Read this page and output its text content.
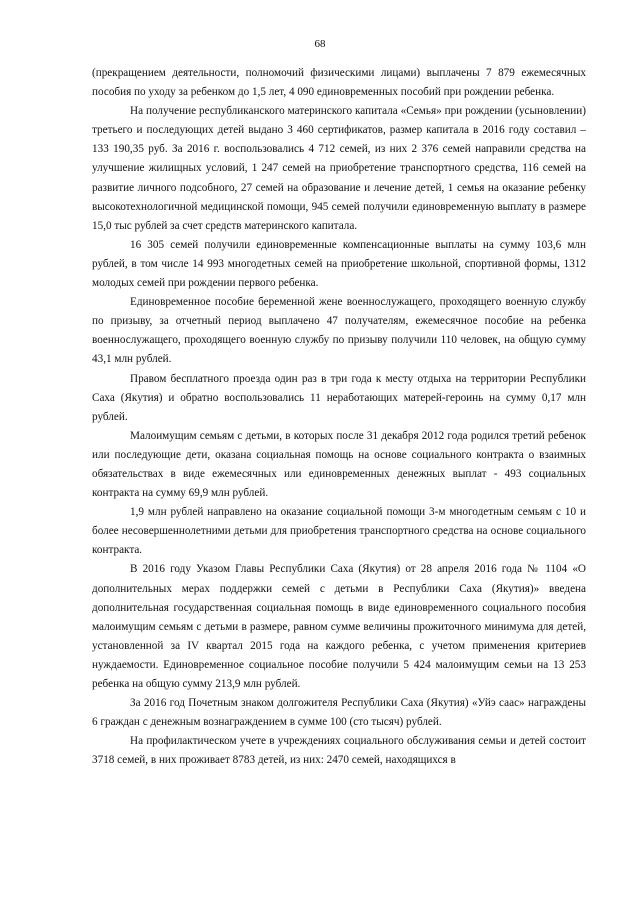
68

(прекращением деятельности, полномочий физическими лицами) выплачены 7 879 ежемесячных пособия по уходу за ребенком до 1,5 лет, 4 090 единовременных пособий при рождении ребенка.

На получение республиканского материнского капитала «Семья» при рождении (усыновлении) третьего и последующих детей выдано 3 460 сертификатов, размер капитала в 2016 году составил – 133 190,35 руб. За 2016 г. воспользовались 4 712 семей, из них 2 376 семей направили средства на улучшение жилищных условий, 1 247 семей на приобретение транспортного средства, 116 семей на развитие личного подсобного, 27 семей на образование и лечение детей, 1 семья на оказание ребенку высокотехнологичной медицинской помощи, 945 семей получили единовременную выплату в размере 15,0 тыс рублей за счет средств материнского капитала.

16 305 семей получили единовременные компенсационные выплаты на сумму 103,6 млн рублей, в том числе 14 993 многодетных семей на приобретение школьной, спортивной формы, 1312 молодых семей при рождении первого ребенка.

Единовременное пособие беременной жене военнослужащего, проходящего военную службу по призыву, за отчетный период выплачено 47 получателям, ежемесячное пособие на ребенка военнослужащего, проходящего военную службу по призыву получили 110 человек, на общую сумму 43,1 млн рублей.

Правом бесплатного проезда один раз в три года к месту отдыха на территории Республики Саха (Якутия) и обратно воспользовались 11 неработающих матерей-героинь на сумму 0,17 млн рублей.

Малоимущим семьям с детьми, в которых после 31 декабря 2012 года родился третий ребенок или последующие дети, оказана социальная помощь на основе социального контракта о взаимных обязательствах в виде ежемесячных или единовременных денежных выплат - 493 социальных контракта на сумму 69,9 млн рублей.

1,9 млн рублей направлено на оказание социальной помощи 3-м многодетным семьям с 10 и более несовершеннолетними детьми для приобретения транспортного средства на основе социального контракта.

В 2016 году Указом Главы Республики Саха (Якутия) от 28 апреля 2016 года № 1104 «О дополнительных мерах поддержки семей с детьми в Республики Саха (Якутия)» введена дополнительная государственная социальная помощь в виде единовременного социального пособия малоимущим семьям с детьми в размере, равном сумме величины прожиточного минимума для детей, установленной за IV квартал 2015 года на каждого ребенка, с учетом применения критериев нуждаемости. Единовременное социальное пособие получили 5 424 малоимущим семьи на 13 253 ребенка на общую сумму 213,9 млн рублей.

За 2016 год Почетным знаком долгожителя Республики Саха (Якутия) «Уйэ саас» награждены 6 граждан с денежным вознаграждением в сумме 100 (сто тысяч) рублей.

На профилактическом учете в учреждениях социального обслуживания семьи и детей состоит 3718 семей, в них проживает 8783 детей, из них: 2470 семей, находящихся в
